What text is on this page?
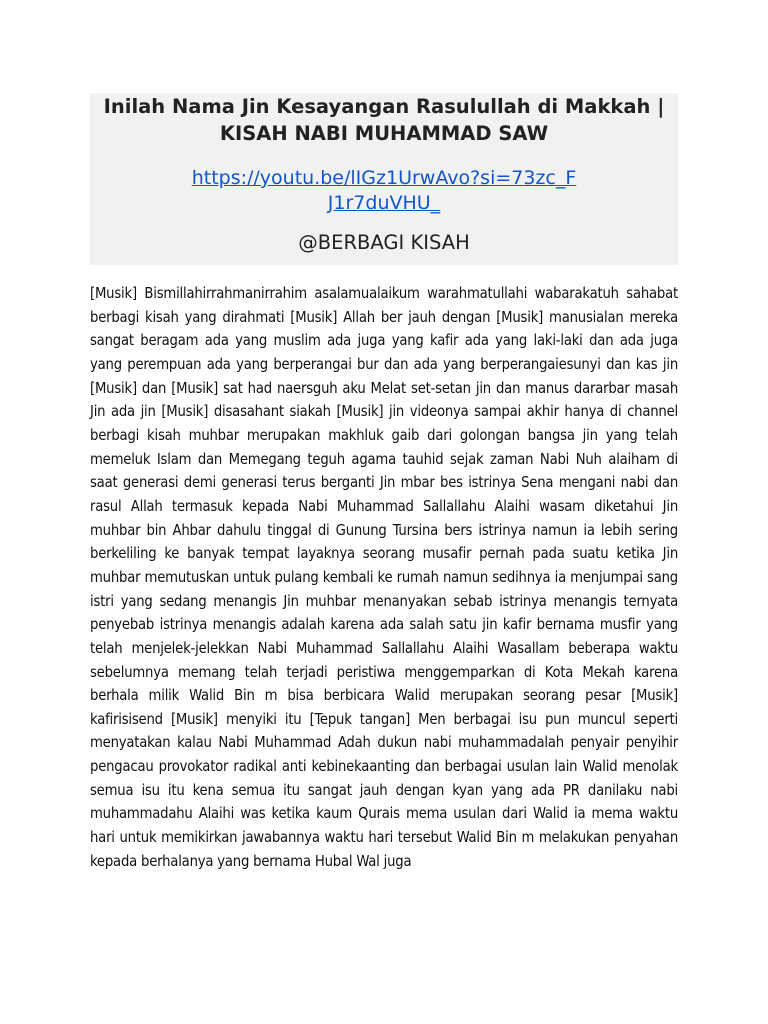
Inilah Nama Jin Kesayangan Rasulullah di Makkah | KISAH NABI MUHAMMAD SAW
https://youtu.be/lIGz1UrwAvo?si=73zc_FJ1r7duVHU_
@BERBAGI KISAH

[Musik] Bismillahirrahmanirrahim asalamualaikum warahmatullahi wabarakatuh sahabat berbagi kisah yang dirahmati [Musik] Allah ber jauh dengan [Musik] manusialan mereka sangat beragam ada yang muslim ada juga yang kafir ada yang laki-laki dan ada juga yang perempuan ada yang berperangai bur dan ada yang berperangaiesunyi dan kas jin [Musik] dan [Musik] sat had naersguh aku Melat set-setan jin dan manus dararbar masah Jin ada jin [Musik] disasahant siakah [Musik] jin videonya sampai akhir hanya di channel berbagi kisah muhbar merupakan makhluk gaib dari golongan bangsa jin yang telah memeluk Islam dan Memegang teguh agama tauhid sejak zaman Nabi Nuh alaiham di saat generasi demi generasi terus berganti Jin mbar bes istrinya Sena mengani nabi dan rasul Allah termasuk kepada Nabi Muhammad Sallallahu Alaihi wasam diketahui Jin muhbar bin Ahbar dahulu tinggal di Gunung Tursina bers istrinya namun ia lebih sering berkeliling ke banyak tempat layaknya seorang musafir pernah pada suatu ketika Jin muhbar memutuskan untuk pulang kembali ke rumah namun sedihnya ia menjumpai sang istri yang sedang menangis Jin muhbar menanyakan sebab istrinya menangis ternyata penyebab istrinya menangis adalah karena ada salah satu jin kafir bernama musfir yang telah menjelek-jelekkan Nabi Muhammad Sallallahu Alaihi Wasallam beberapa waktu sebelumnya memang telah terjadi peristiwa menggemparkan di Kota Mekah karena berhala milik Walid Bin m bisa berbicara Walid merupakan seorang pesar [Musik] kafirisisend [Musik] menyiki itu [Tepuk tangan] Men berbagai isu pun muncul seperti menyatakan kalau Nabi Muhammad Adah dukun nabi muhammadalah penyair penyihir pengacau provokator radikal anti kebinekaanting dan berbagai usulan lain Walid menolak semua isu itu kena semua itu sangat jauh dengan kyan yang ada PR danilaku nabi muhammadahu Alaihi was ketika kaum Qurais mema usulan dari Walid ia mema waktu hari untuk memikirkan jawabannya waktu hari tersebut Walid Bin m melakukan penyahan kepada berhalanya yang bernama Hubal Wal juga
